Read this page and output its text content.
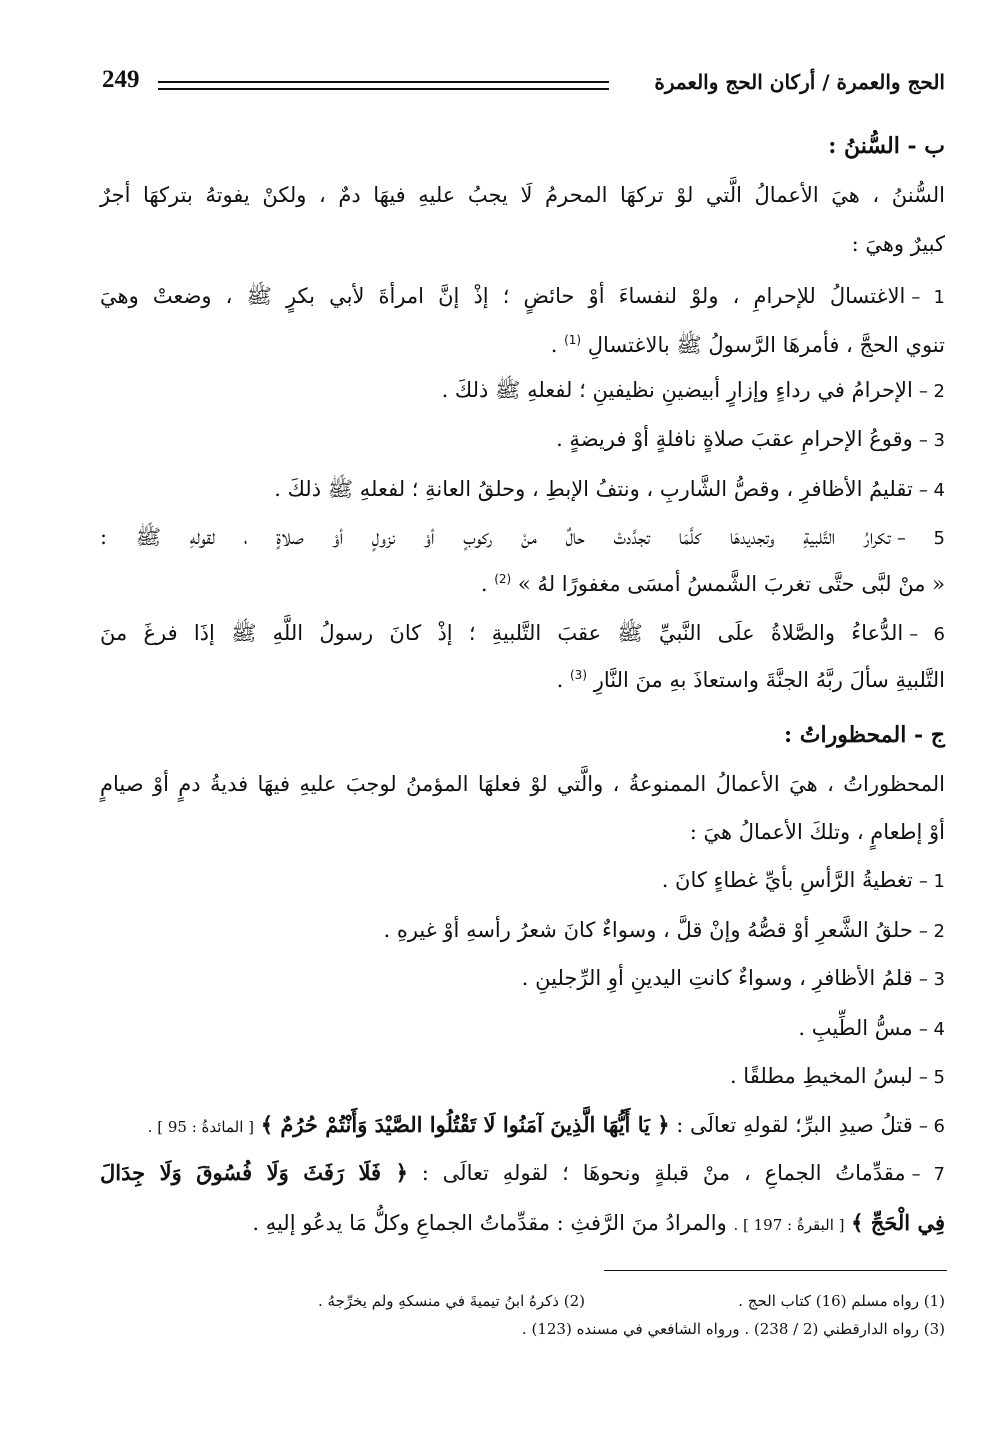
249	الحج والعمرة / أركان الحج والعمرة
ب - السُّننُ :
السُّننُ ، هيَ الأعمالُ الَّتي لوْ تركهَا المحرمُ لَا يجبُ عليهِ فيهَا دمٌ ، ولكنْ يفوتهُ بتركهَا أجرٌ
كبيرٌ وهيَ :
1 –الاغتسالُ للإحرامِ ، ولوْ لنفساءَ أوْ حائضٍ ؛ إذْ إنَّ امرأةَ لأبي بكرٍ ﷺ ، وضعتْ وهيَ
تنوي الحجَّ ، فأمرهَا الرَّسولُ ﷺ بالاغتسالِ $^{(1)}$ .
2 –الإحرامُ في رداءٍ وإزارٍ أبيضينِ نظيفينِ ؛ لفعلهِ ﷺ ذلكَ .
3 –وقوعُ الإحرامِ عقبَ صلاةٍ نافلةٍ أوْ فريضةٍ .
4 –تقليمُ الأظافرِ ، وقصُّ الشَّاربِ ، ونتفُ الإبطِ ، وحلقُ العانةِ ؛ لفعلهِ ﷺ ذلكَ .
5 –تكرارُ التَّلبيةِ وتجديدهَا كلَّمَا تجدَّدتْ حالٌ منْ ركوبٍ أوْ نزولٍ أوْ صلاةٍ ، لقولهِ ﷺ :
« منْ لبَّى حتَّى تغربَ الشَّمسُ أمسَى مغفورًا لهُ » $^{(2)}$ .
6 –الدُّعاءُ والصَّلاةُ علَى النَّبيِّ ﷺ عقبَ التَّلبيةِ ؛ إذْ كانَ رسولُ اللَّهِ ﷺ إذَا فرغَ منَ
التَّلبيةِ سألَ ربَّهُ الجنَّةَ واستعاذَ بهِ منَ النَّارِ $^{(3)}$ .
ج - المحظوراتُ :
المحظوراتُ ، هيَ الأعمالُ الممنوعةُ ، والَّتي لوْ فعلهَا المؤمنُ لوجبَ عليهِ فيهَا فديةُ دمٍ أوْ صيامٍ
أوْ إطعامٍ ، وتلكَ الأعمالُ هيَ :
1 –تغطيةُ الرَّأسِ بأيِّ غطاءٍ كانَ .
2 –حلقُ الشَّعرِ أوْ قصُّهُ وإنْ قلَّ ، وسواءٌ كانَ شعرُ رأسهِ أوْ غيرهِ .
3 –قلمُ الأظافرِ ، وسواءٌ كانتِ اليدينِ أوِ الرِّجلينِ .
4 –مسُّ الطِّيبِ .
5 –لبسُ المخيطِ مطلقًا .
6 –قتلُ صيدِ البرِّ؛ لقولهِ تعالَى : ﴿ يَا أَيُّهَا الَّذِينَ آمَنُوا لَا تَقْتُلُوا الصَّيْدَ وَأَنْتُمْ حُرُمٌ ﴾ [ المائدةُ : 95 ] .
7 –مقدِّماتُ الجماعِ ، منْ قبلةٍ ونحوهَا ؛ لقولهِ تعالَى : ﴿ فَلَا رَفَثَ وَلَا فُسُوقَ وَلَا جِدَالَ
فِي الْحَجِّ ﴾ [ البقرةُ : 197 ] . والمرادُ منَ الرَّفثِ : مقدِّماتُ الجماعِ وكلُّ مَا يدعُو إليهِ .
(1) رواه مسلم (16) كتاب الحج .
(2) ذكرهُ ابنُ تيميةَ في منسكهِ ولم يخرِّجهُ .
(3) رواه الدارقطني (2 / 238) . ورواه الشافعي في مسنده (123) .
